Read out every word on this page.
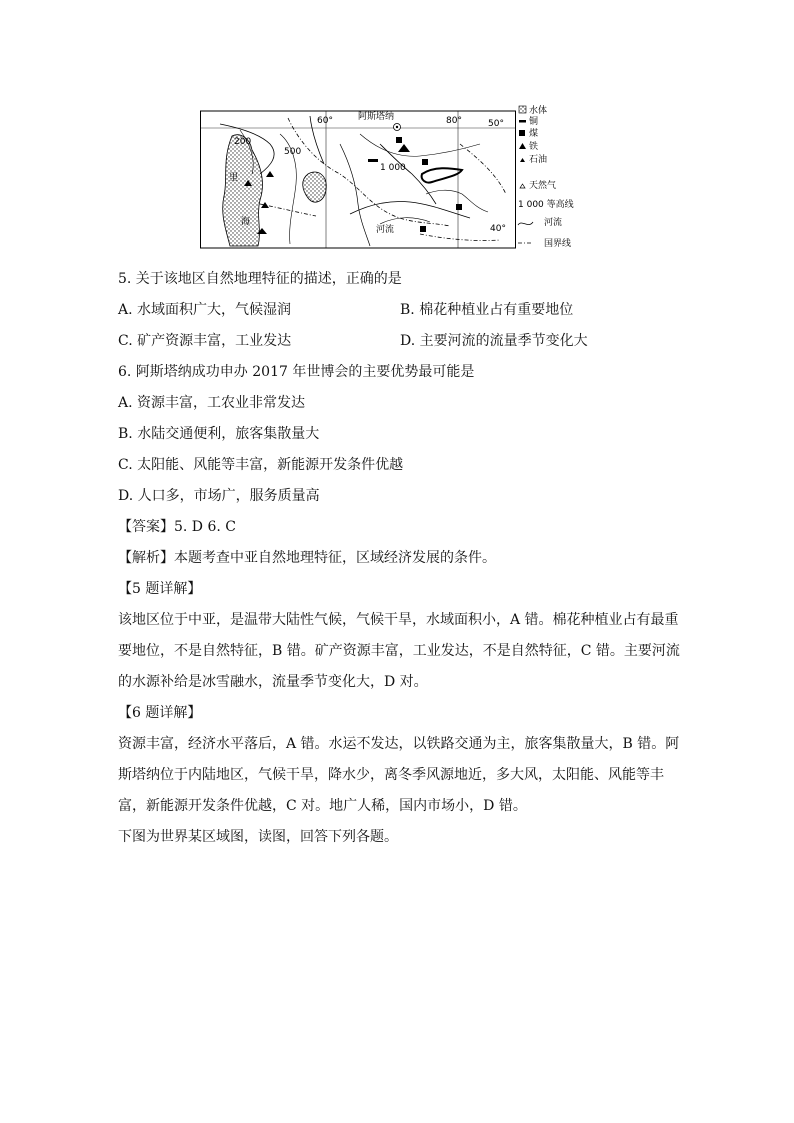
阿斯塔纳
60°	80°	50°
40°
200
500
1 000
里
海
河流
水体
铜
煤
铁
石油
天然气
1 000 等高线
河流
国界线
5. 关于该地区自然地理特征的描述，正确的是
A. 水域面积广大，气候湿润	B. 棉花种植业占有重要地位
C. 矿产资源丰富，工业发达	D. 主要河流的流量季节变化大
6. 阿斯塔纳成功申办 2017 年世博会的主要优势最可能是
A. 资源丰富，工农业非常发达
B. 水陆交通便利，旅客集散量大
C. 太阳能、风能等丰富，新能源开发条件优越
D. 人口多，市场广，服务质量高
【答案】5. D 6. C
【解析】本题考查中亚自然地理特征，区域经济发展的条件。
【5 题详解】
该地区位于中亚，是温带大陆性气候，气候干旱，水域面积小，A 错。棉花种植业占有最重要地位，不是自然特征，B 错。矿产资源丰富，工业发达，不是自然特征，C 错。主要河流的水源补给是冰雪融水，流量季节变化大，D 对。
【6 题详解】
资源丰富，经济水平落后，A 错。水运不发达，以铁路交通为主，旅客集散量大，B 错。阿斯塔纳位于内陆地区，气候干旱，降水少，离冬季风源地近，多大风，太阳能、风能等丰富，新能源开发条件优越，C 对。地广人稀，国内市场小，D 错。
下图为世界某区域图，读图，回答下列各题。
